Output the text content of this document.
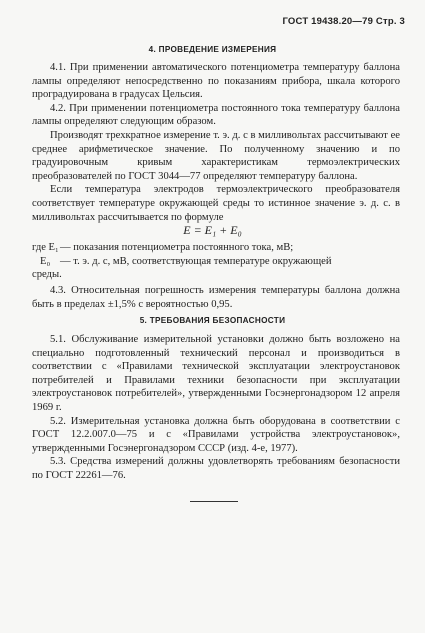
ГОСТ 19438.20—79 Стр. 3
4. ПРОВЕДЕНИЕ ИЗМЕРЕНИЯ

4.1. При применении автоматического потенциометра температуру баллона лампы определяют непосредственно по показаниям прибора, шкала которого проградуирована в градусах Цельсия.

4.2. При применении потенциометра постоянного тока температуру баллона лампы определяют следующим образом.

Производят трехкратное измерение т. э. д. с в милливольтах рассчитывают ее среднее арифметическое значение. По полученному значению и по градуировочным кривым характеристикам термоэлектрических преобразователей по ГОСТ 3044—77 определяют температуру баллона.

Если температура электродов термоэлектрического преобразователя соответствует температуре окружающей среды то истинное значение э. д. с. в милливольтах рассчитывается по формуле

E = E₁ + E₀
где E₁ — показания потенциометра постоянного тока, мВ;
E₀ — т. э. д. с, мВ, соответствующая температуре окружающей
среды.

4.3. Относительная погрешность измерения температуры баллона должна быть в пределах ±1,5% с вероятностью 0,95.

5. ТРЕБОВАНИЯ БЕЗОПАСНОСТИ

5.1. Обслуживание измерительной установки должно быть возложено на специально подготовленный технический персонал и производиться в соответствии с «Правилами технической эксплуатации электроустановок потребителей и Правилами техники безопасности при эксплуатации электроустановок потребителей», утвержденными Госэнергонадзором 12 апреля 1969 г.

5.2. Измерительная установка должна быть оборудована в соответствии с ГОСТ 12.2.007.0—75 и с «Правилами устройства электроустановок», утвержденными Госэнергонадзором СССР (изд. 4-е, 1977).

5.3. Средства измерений должны удовлетворять требованиям безопасности по ГОСТ 22261—76.
